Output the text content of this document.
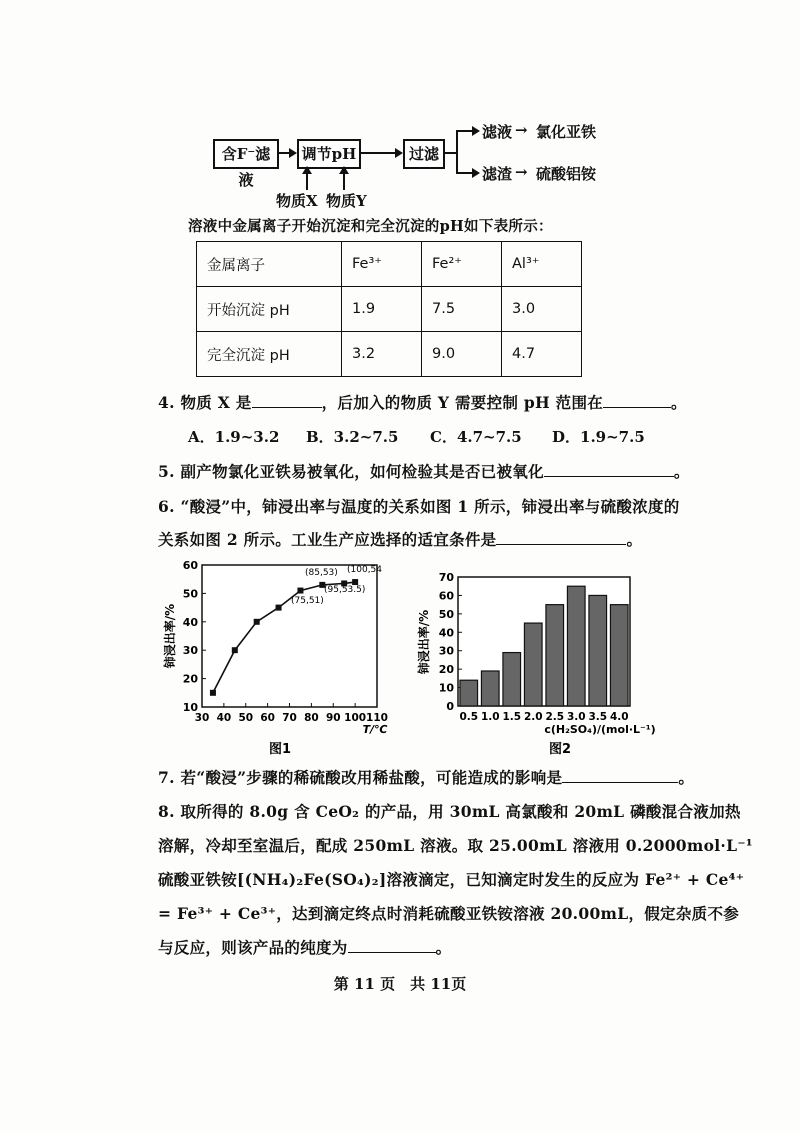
含F⁻滤液
调节pH	过滤
滤液 → 氯化亚铁
滤渣 → 硫酸铝铵
物质X 物质Y
溶液中金属离子开始沉淀和完全沉淀的pH如下表所示：
金属离子	Fe³⁺	Fe²⁺	Al³⁺
开始沉淀 pH	1.9	7.5	3.0
完全沉淀 pH	3.2	9.0	4.7
4. 物质 X 是	，后加入的物质 Y 需要控制 pH 范围在	。
A．1.9~3.2 B．3.2~7.5 C．4.7~7.5 D．1.9~7.5
5. 副产物氯化亚铁易被氧化，如何检验其是否已被氧化	。
6. “酸浸”中，铈浸出率与温度的关系如图 1 所示，铈浸出率与硫酸浓度的
关系如图 2 所示。工业生产应选择的适宜条件是	。
10
20
30
40
50
60
30 40 50 60 70 80 90 100 110
铈浸出率/%
T/℃
图1
(75,51)
(85,53)
(95,53.5)
(100,54
0
10
20
30
40
50
60
70
0.5 1.0 1.5 2.0 2.5 3.0 3.5 4.0
铈浸出率/%
c(H₂SO₄)/(mol·L⁻¹)
图2
7. 若“酸浸”步骤的稀硫酸改用稀盐酸，可能造成的影响是	。
8. 取所得的 8.0g 含 CeO₂ 的产品，用 30mL 高氯酸和 20mL 磷酸混合液加热
溶解，冷却至室温后，配成 250mL 溶液。取 25.00mL 溶液用 0.2000mol·L⁻¹
硫酸亚铁铵[(NH₄)₂Fe(SO₄)₂]溶液滴定，已知滴定时发生的反应为 Fe²⁺ + Ce⁴⁺
= Fe³⁺ + Ce³⁺，达到滴定终点时消耗硫酸亚铁铵溶液 20.00mL，假定杂质不参
与反应，则该产品的纯度为	。
第 11 页　共 11页
